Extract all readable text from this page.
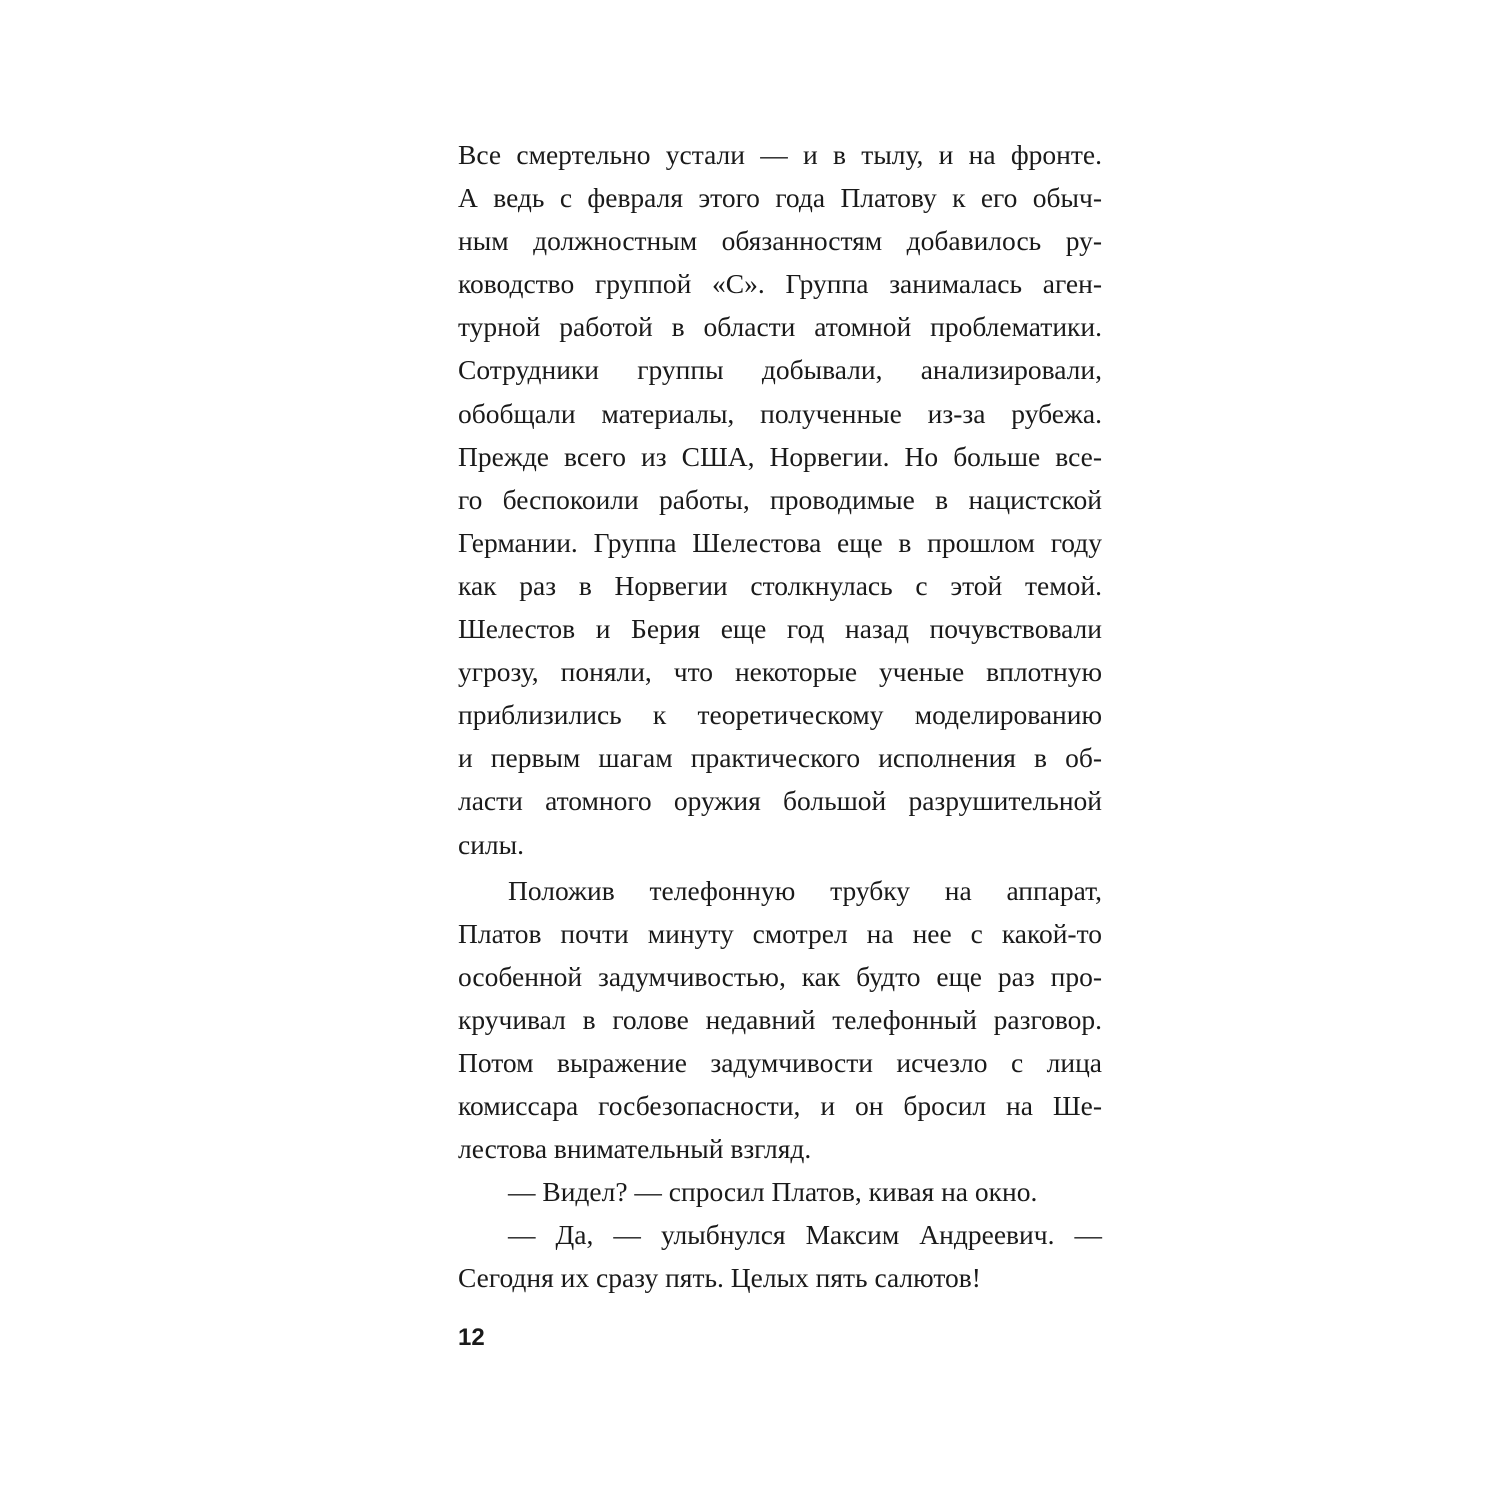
Все смертельно устали — и в тылу, и на фронте.
А ведь с февраля этого года Платову к его обыч-
ным должностным обязанностям добавилось ру-
ководство группой «С». Группа занималась аген-
турной работой в области атомной проблематики.
Сотрудники группы добывали, анализировали,
обобщали материалы, полученные из-за рубежа.
Прежде всего из США, Норвегии. Но больше все-
го беспокоили работы, проводимые в нацистской
Германии. Группа Шелестова еще в прошлом году
как раз в Норвегии столкнулась с этой темой.
Шелестов и Берия еще год назад почувствовали
угрозу, поняли, что некоторые ученые вплотную
приблизились к теоретическому моделированию
и первым шагам практического исполнения в об-
ласти атомного оружия большой разрушительной
силы.
Положив телефонную трубку на аппарат,
Платов почти минуту смотрел на нее с какой-то
особенной задумчивостью, как будто еще раз про-
кручивал в голове недавний телефонный разговор.
Потом выражение задумчивости исчезло с лица
комиссара госбезопасности, и он бросил на Ше-
лестова внимательный взгляд.
— Видел? — спросил Платов, кивая на окно.
— Да, — улыбнулся Максим Андреевич. —
Сегодня их сразу пять. Целых пять салютов!
12
